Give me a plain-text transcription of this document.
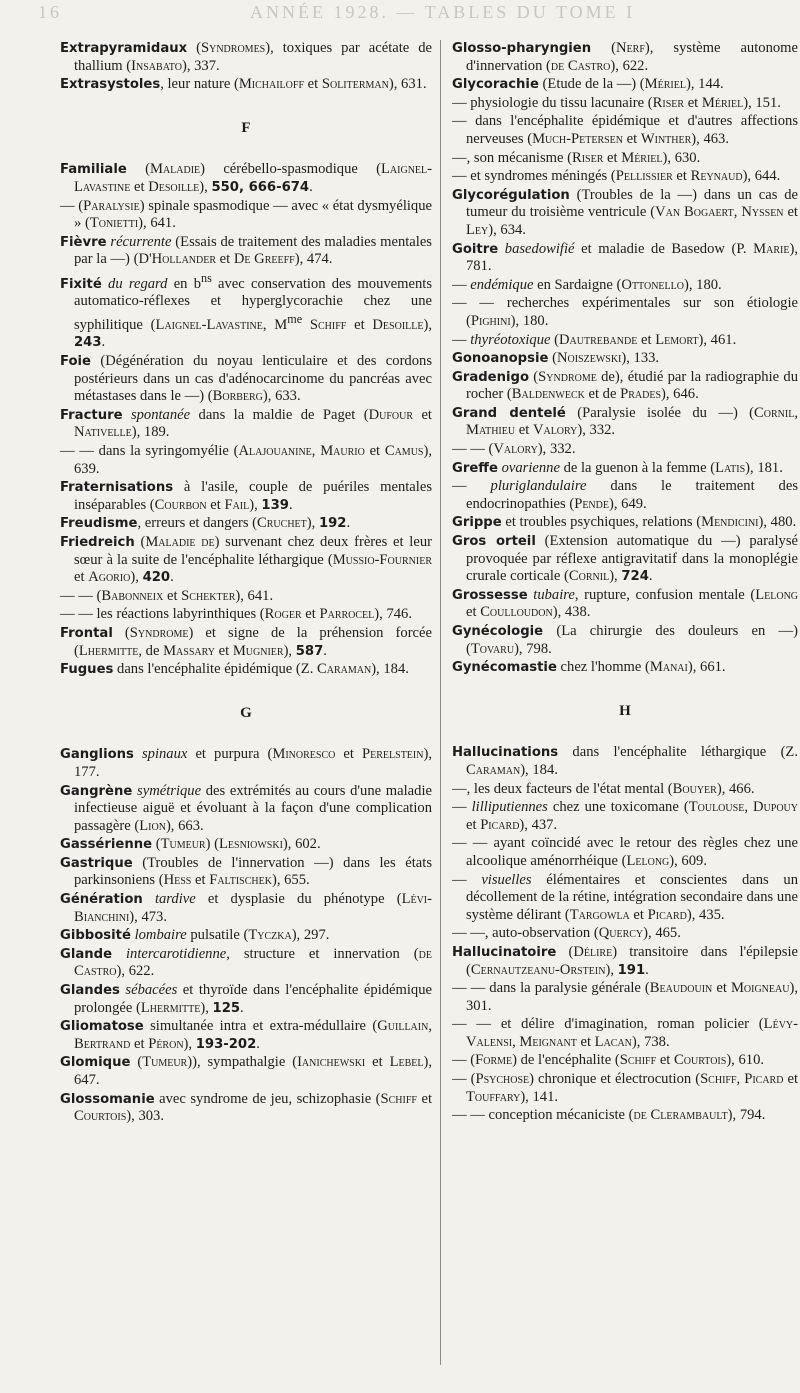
16	ANNÉE 1928. — TABLES DU TOME I
Extrapyramidaux (Syndromes), toxiques par acétate de thallium (Insabato), 337.
Extrasystoles, leur nature (Michailoff et Soliterman), 631.
F
Familiale (Maladie) cérébello-spasmodique (Laignel-Lavastine et Desoille), 550, 666-674.
— (Paralysie) spinale spasmodique — avec « état dysmyélique » (Tonietti), 641.
Fièvre récurrente (Essais de traitement des maladies mentales par la —) (D'Hollander et De Greeff), 474.
Fixité du regard en $b^{ns}$ avec conservation des mouvements automatico-réflexes et hyperglycorachie chez une syphilitique (Laignel-Lavastine, $M^{me}$ Schiff et Desoille), 243.
Foie (Dégénération du noyau lenticulaire et des cordons postérieurs dans un cas d'adénocarcinome du pancréas avec métastases dans le —) (Borberg), 633.
Fracture spontanée dans la maldie de Paget (Dufour et Nativelle), 189.
— — dans la syringomyélie (Alajouanine, Maurio et Camus), 639.
Fraternisations à l'asile, couple de puériles mentales inséparables (Courbon et Fail), 139.
Freudisme, erreurs et dangers (Cruchet), 192.
Friedreich (Maladie de) survenant chez deux frères et leur sœur à la suite de l'encéphalite léthargique (Mussio-Fournier et Agorio), 420.
— — (Babonneix et Schekter), 641.
— — les réactions labyrinthiques (Roger et Parrocel), 746.
Frontal (Syndrome) et signe de la préhension forcée (Lhermitte, de Massary et Mugnier), 587.
Fugues dans l'encéphalite épidémique (Z. Caraman), 184.
G
Ganglions spinaux et purpura (Minoresco et Perelstein), 177.
Gangrène symétrique des extrémités au cours d'une maladie infectieuse aiguë et évoluant à la façon d'une complication passagère (Lion), 663.
Gassérienne (Tumeur) (Lesniowski), 602.
Gastrique (Troubles de l'innervation —) dans les états parkinsoniens (Hess et Faltischek), 655.
Génération tardive et dysplasie du phénotype (Lévi-Bianchini), 473.
Gibbosité lombaire pulsatile (Tyczka), 297.
Glande intercarotidienne, structure et innervation (de Castro), 622.
Glandes sébacées et thyroïde dans l'encéphalite épidémique prolongée (Lhermitte), 125.
Gliomatose simultanée intra et extra-médullaire (Guillain, Bertrand et Péron), 193-202.
Glomique (Tumeur)), sympathalgie (Ianichewski et Lebel), 647.
Glossomanie avec syndrome de jeu, schizophasie (Schiff et Courtois), 303.
Glosso-pharyngien (Nerf), système autonome d'innervation (de Castro), 622.
Glycorachie (Etude de la —) (Mériel), 144.
— physiologie du tissu lacunaire (Riser et Mériel), 151.
— dans l'encéphalite épidémique et d'autres affections nerveuses (Much-Petersen et Winther), 463.
—, son mécanisme (Riser et Mériel), 630.
— et syndromes méningés (Pellissier et Reynaud), 644.
Glycorégulation (Troubles de la —) dans un cas de tumeur du troisième ventricule (Van Bogaert, Nyssen et Ley), 634.
Goitre basedowifié et maladie de Basedow (P. Marie), 781.
— endémique en Sardaigne (Ottonello), 180.
— — recherches expérimentales sur son étiologie (Pighini), 180.
— thyréotoxique (Dautrebande et Lemort), 461.
Gonoanopsie (Noiszewski), 133.
Gradenigo (Syndrome de), étudié par la radiographie du rocher (Baldenweck et de Prades), 646.
Grand dentelé (Paralysie isolée du —) (Cornil, Mathieu et Valory), 332.
— — (Valory), 332.
Greffe ovarienne de la guenon à la femme (Latis), 181.
— pluriglandulaire dans le traitement des endocrinopathies (Pende), 649.
Grippe et troubles psychiques, relations (Mendicini), 480.
Gros orteil (Extension automatique du —) paralysé provoquée par réflexe antigravitatif dans la monoplégie crurale corticale (Cornil), 724.
Grossesse tubaire, rupture, confusion mentale (Lelong et Coulloudon), 438.
Gynécologie (La chirurgie des douleurs en —) (Tovaru), 798.
Gynécomastie chez l'homme (Manai), 661.
H
Hallucinations dans l'encéphalite léthargique (Z. Caraman), 184.
—, les deux facteurs de l'état mental (Bouyer), 466.
— lilliputiennes chez une toxicomane (Toulouse, Dupouy et Picard), 437.
— — ayant coïncidé avec le retour des règles chez une alcoolique aménorrhéique (Lelong), 609.
— visuelles élémentaires et conscientes dans un décollement de la rétine, intégration secondaire dans une système délirant (Targowla et Picard), 435.
— —, auto-observation (Quercy), 465.
Hallucinatoire (Délire) transitoire dans l'épilepsie (Cernautzeanu-Orstein), 191.
— — dans la paralysie générale (Beaudouin et Moigneau), 301.
— — et délire d'imagination, roman policier (Lévy-Valensi, Meignant et Lacan), 738.
— (Forme) de l'encéphalite (Schiff et Courtois), 610.
— (Psychose) chronique et électrocution (Schiff, Picard et Touffary), 141.
— — conception mécaniciste (de Clerambault), 794.
